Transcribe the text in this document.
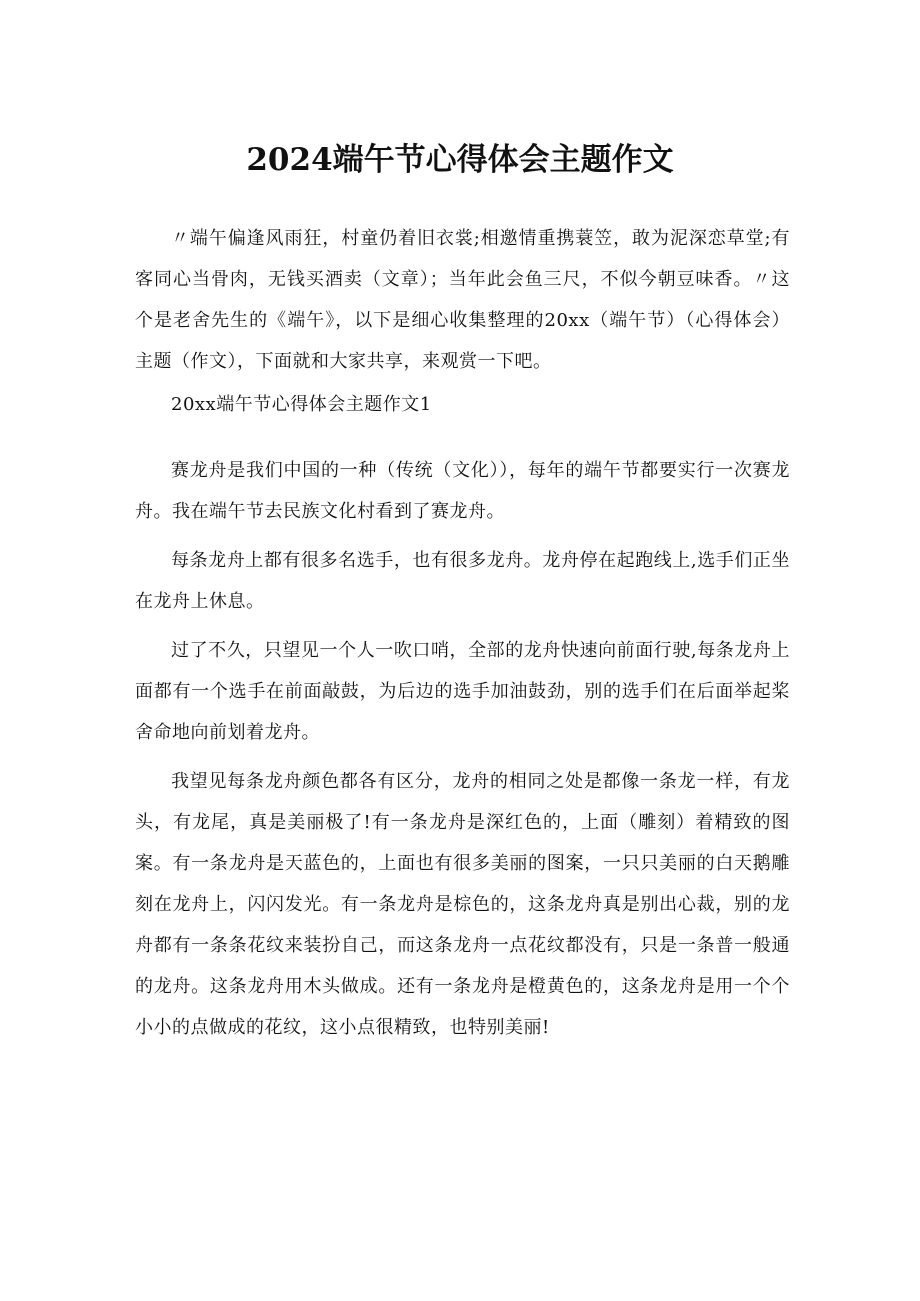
2024端午节心得体会主题作文

〃端午偏逢风雨狂，村童仍着旧衣裳;相邀情重携蓑笠，敢为泥深恋草堂;有客同心当骨肉，无钱买酒卖（文章）；当年此会鱼三尺，不似今朝豆味香。〃这个是老舍先生的《端午》，以下是细心收集整理的20xx（端午节）（心得体会）主题（作文），下面就和大家共享，来观赏一下吧。

20xx端午节心得体会主题作文1

赛龙舟是我们中国的一种（传统（文化）），每年的端午节都要实行一次赛龙舟。我在端午节去民族文化村看到了赛龙舟。

每条龙舟上都有很多名选手，也有很多龙舟。龙舟停在起跑线上,选手们正坐在龙舟上休息。

过了不久，只望见一个人一吹口哨，全部的龙舟快速向前面行驶,每条龙舟上面都有一个选手在前面敲鼓，为后边的选手加油鼓劲，别的选手们在后面举起桨舍命地向前划着龙舟。

我望见每条龙舟颜色都各有区分，龙舟的相同之处是都像一条龙一样，有龙头，有龙尾，真是美丽极了!有一条龙舟是深红色的，上面（雕刻）着精致的图案。有一条龙舟是天蓝色的，上面也有很多美丽的图案，一只只美丽的白天鹅雕刻在龙舟上，闪闪发光。有一条龙舟是棕色的，这条龙舟真是别出心裁，别的龙舟都有一条条花纹来装扮自己，而这条龙舟一点花纹都没有，只是一条普一般通的龙舟。这条龙舟用木头做成。还有一条龙舟是橙黄色的，这条龙舟是用一个个小小的点做成的花纹，这小点很精致，也特别美丽!
